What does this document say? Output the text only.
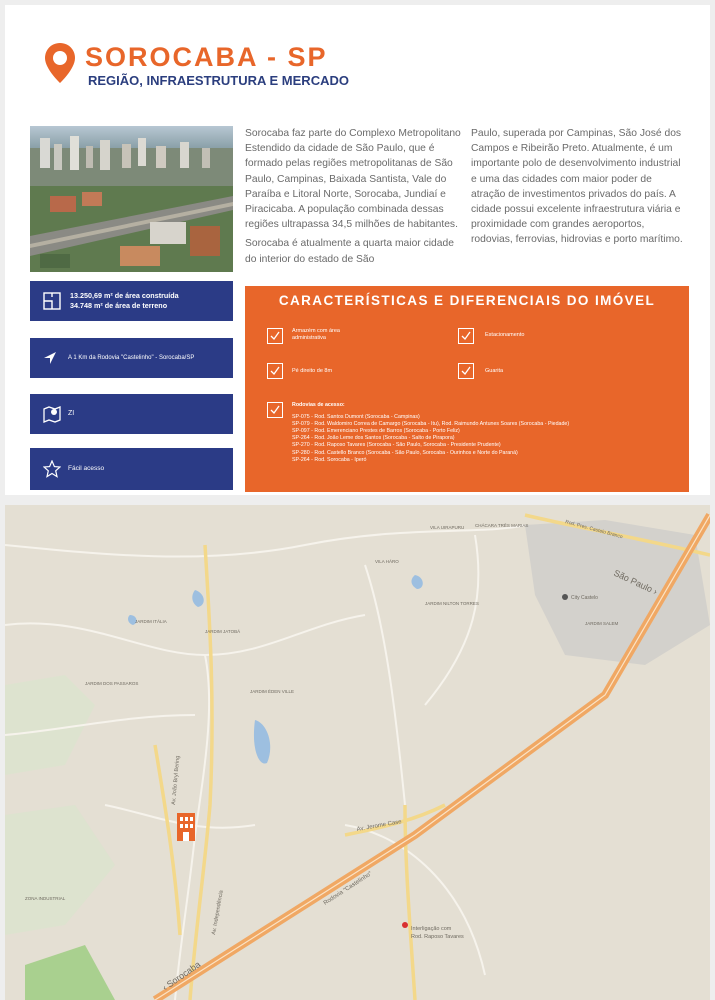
SOROCABA - SP
REGIÃO, INFRAESTRUTURA E MERCADO

Sorocaba faz parte do Complexo Metropolitano Estendido da cidade de São Paulo, que é formado pelas regiões metropolitanas de São Paulo, Campinas, Baixada Santista, Vale do Paraíba e Litoral Norte, Sorocaba, Jundiaí e Piracicaba. A população combinada dessas regiões ultrapassa 34,5 milhões de habitantes.

Sorocaba é atualmente a quarta maior cidade do interior do estado de São

Paulo, superada por Campinas, São José dos Campos e Ribeirão Preto. Atualmente, é um importante polo de desenvolvimento industrial e uma das cidades com maior poder de atração de investimentos privados do país. A cidade possui excelente infraestrutura viária e proximidade com grandes aeroportos, rodovias, ferrovias, hidrovias e porto marítimo.

13.250,69 m² de área construída
34.748 m² de área de terreno
A 1 Km da Rodovia "Castelinho" - Sorocaba/SP
ZI
Fácil acesso
CARACTERÍSTICAS E DIFERENCIAIS DO IMÓVEL
Armazém com área administrativa	Estacionamento
Pé direito de 8m	Guarita
Rodovias de acesso:
SP-075 - Rod. Santos Dumont (Sorocaba - Campinas)
SP-079 - Rod. Waldomiro Correa de Camargo (Sorocaba - Itu), Rod. Raimundo Antunes Soares (Sorocaba - Piedade)
SP-097 - Rod. Emerenciano Prestes de Barros (Sorocaba - Porto Feliz)
SP-264 - Rod. João Leme dos Santos (Sorocaba - Salto de Pirapora)
SP-270 - Rod. Raposo Tavares (Sorocaba - São Paulo, Sorocaba - Presidente Prudente)
SP-280 - Rod. Castello Branco (Sorocaba - São Paulo, Sorocaba - Ourinhos e Norte do Paraná)
SP-264 - Rod. Sorocaba - Iperó
São Paulo ›
‹ Sorocaba
Rodovia "Castelinho"
Av. Jerome Case
Av. Independência
Av. João Bryl Bering
Interligação com
Rod. Raposo Tavares
JARDIM ITÁLIA
JARDIM JATOBÁ
JARDIM ÉDEN VILLE
JARDIM DOS PASSAROS
City Castelo
VILA HÁRO
JARDIM NILTON TORRES
ZONA INDUSTRIAL
Rod. Pres. Castelo Branco
CHÁCARA TRÊS MARIAS
VILA UIRAPURU
JARDIM SALEM
